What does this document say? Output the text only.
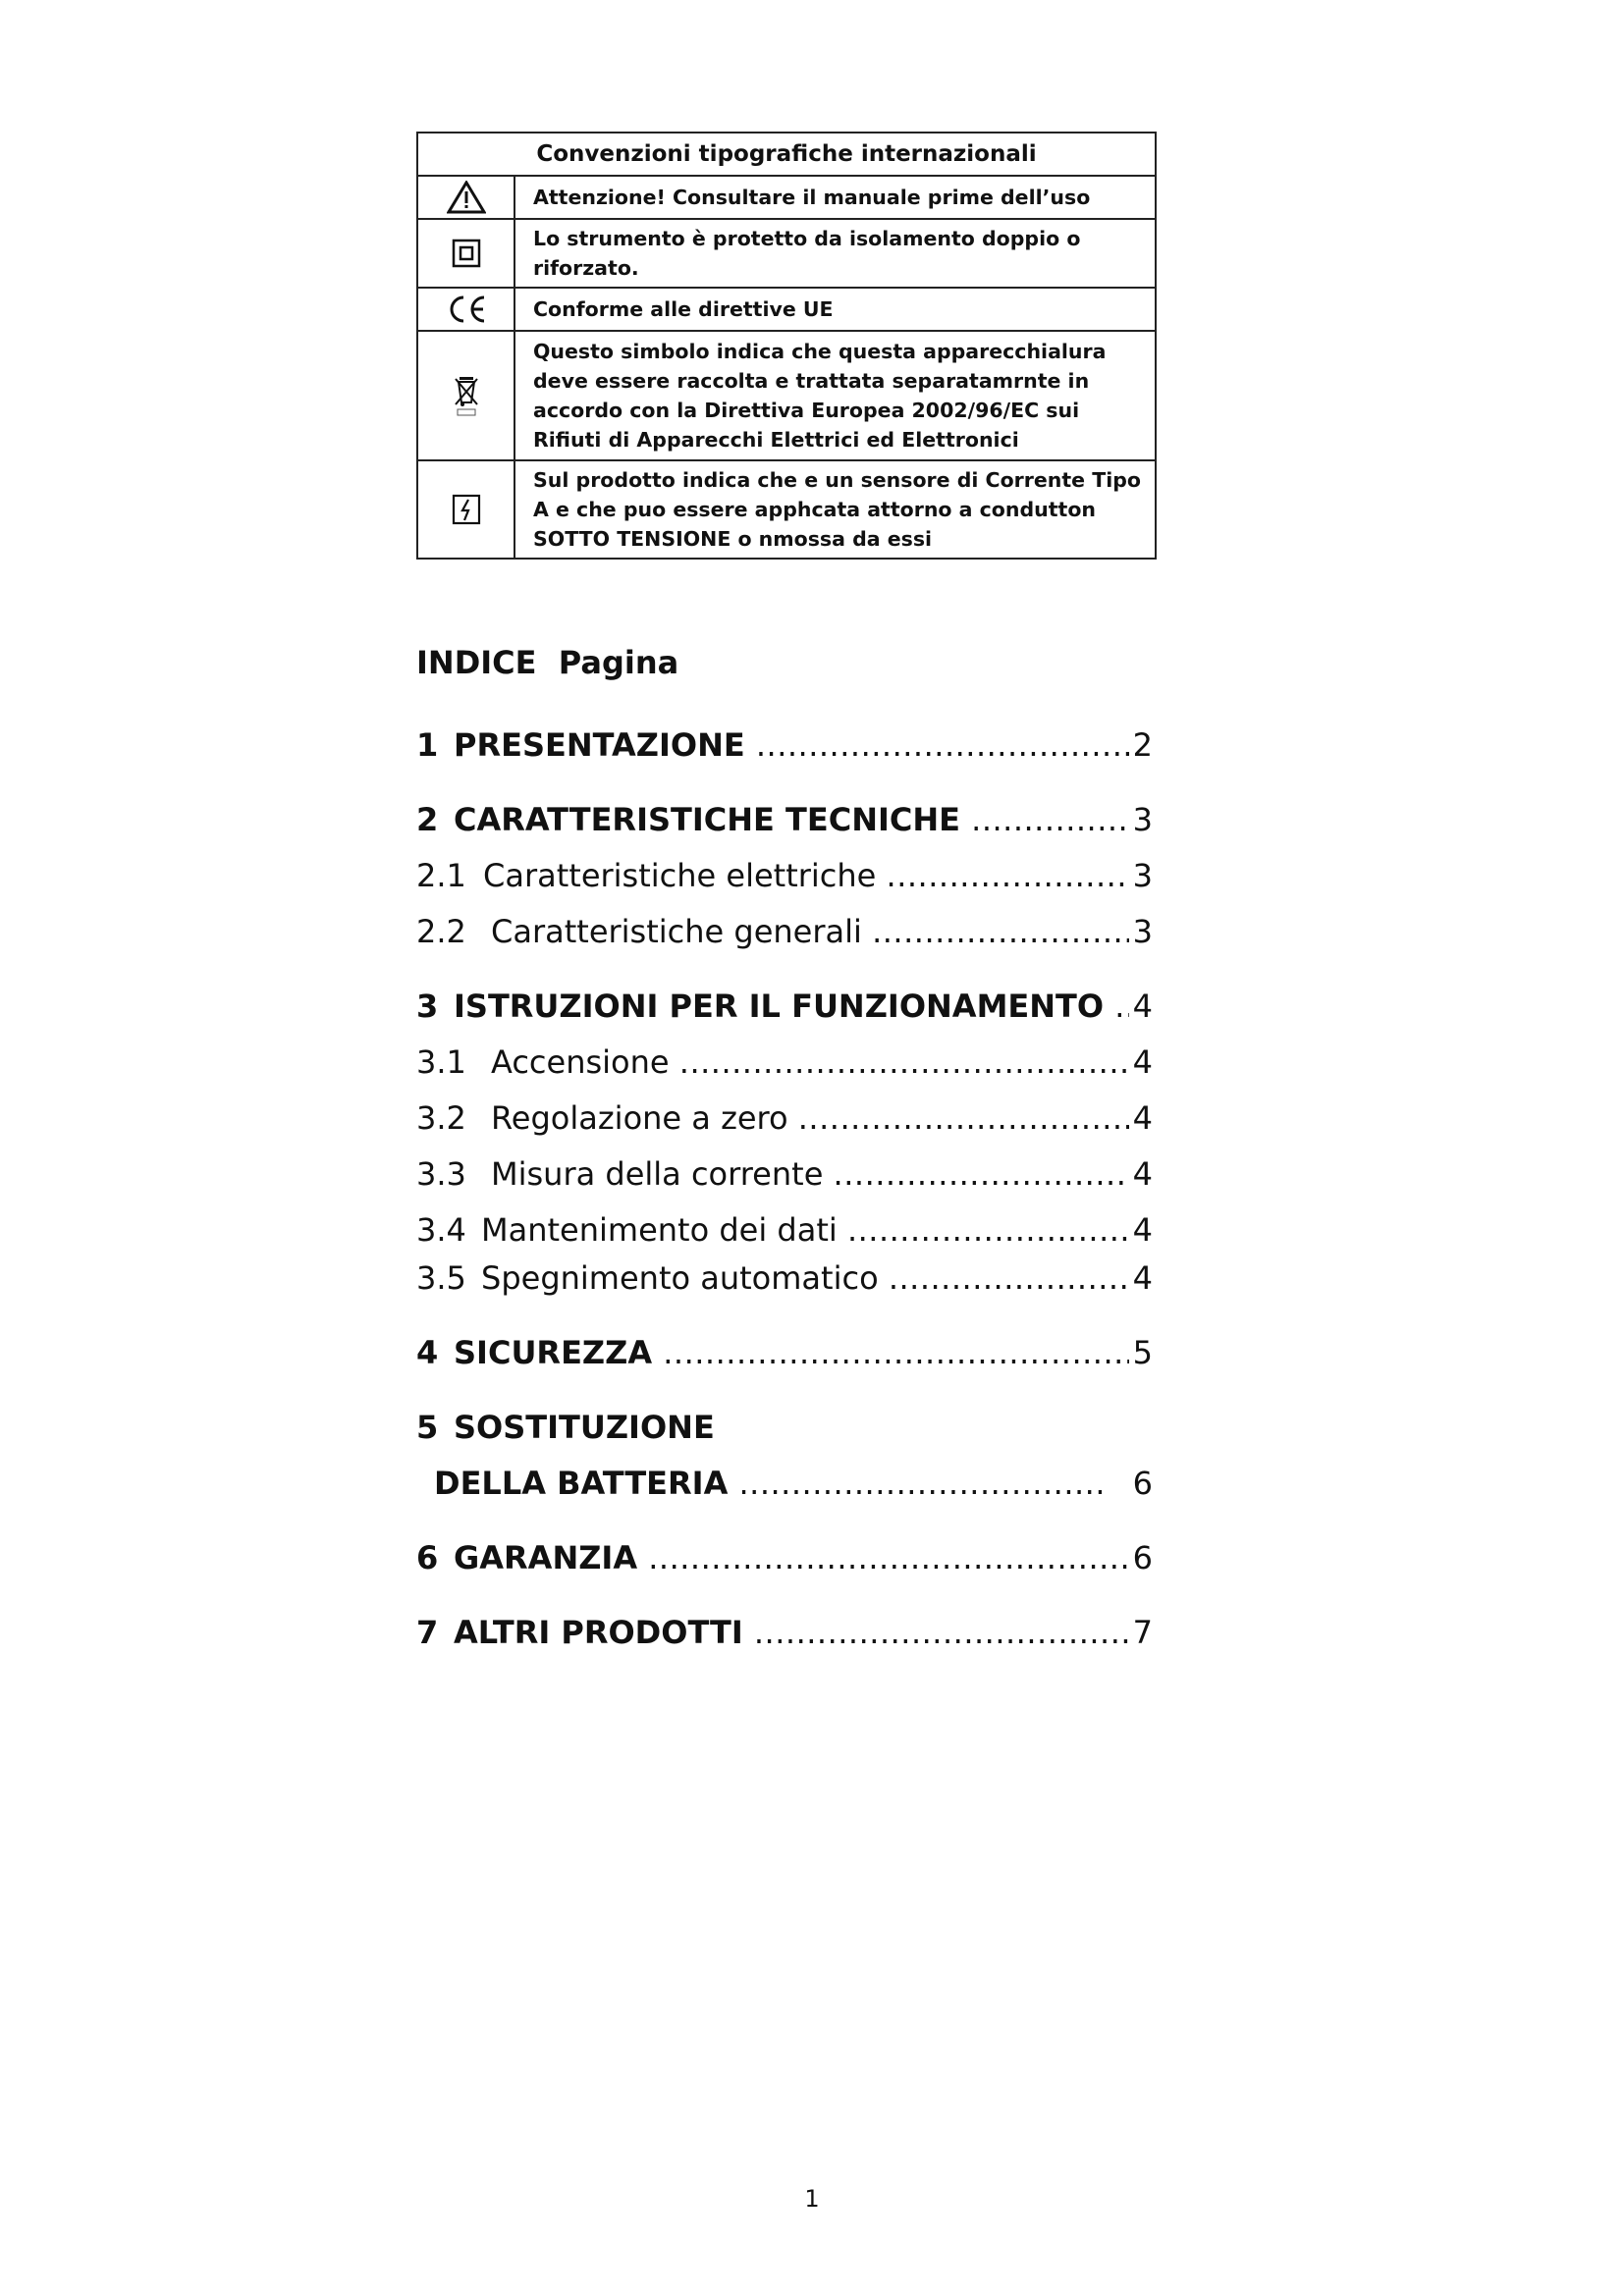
Convenzioni tipografiche internazionali	

	Attenzione! Consultare il manuale prime dell’uso

	Lo strumento è protetto da isolamento doppio o riforzato.

	Conforme alle direttive UE

	Questo simbolo indica che questa apparecchialura deve essere raccolta e trattata separatamrnte in accordo con la Direttiva Europea 2002/96/EC sui Rifiuti di Apparecchi Elettrici ed Elettronici

	Sul prodotto indica che e un sensore di Corrente Tipo A e che puo essere apphcata attorno a condutton SOTTO TENSIONE o nmossa da essi
INDICE Pagina
1 PRESENTAZIONE .....	2
2 CARATTERISTICHE TECNICHE .....	3
2.1 Caratteristiche elettriche .....	3
2.2 Caratteristiche generali .....	3
3 ISTRUZIONI PER IL FUNZIONAMENTO ..... 4
3.1 Accensione .....	4
3.2 Regolazione a zero .....	4
3.3 Misura della corrente .....	4
3.4 Mantenimento dei dati .....	4
3.5 Spegnimento automatico .....	4
4 SICUREZZA .....	5
5 SOSTITUZIONE
DELLA BATTERIA .....	6
6 GARANZIA .....	6
7 ALTRI PRODOTTI .....	7
1
